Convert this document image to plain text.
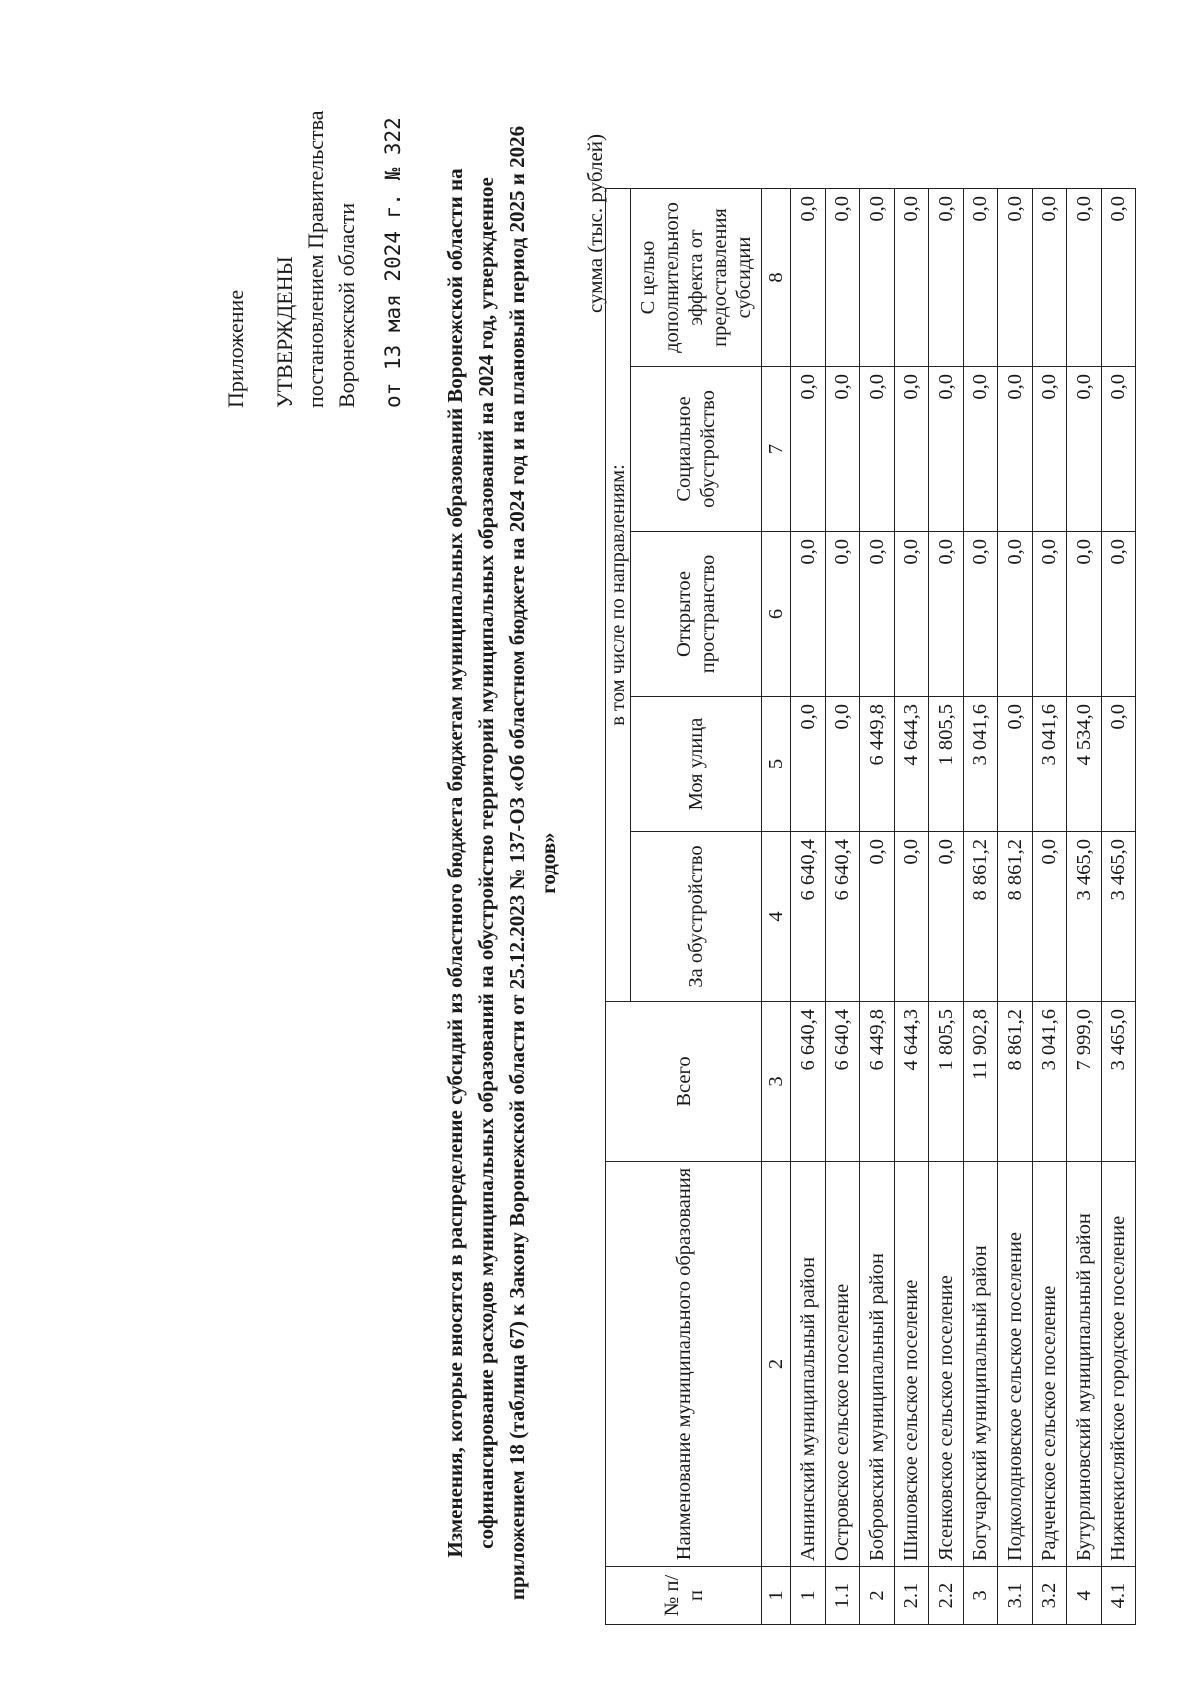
Приложение УТВЕРЖДЕНЫ постановлением Правительства Воронежской области от 13 мая 2024 г. № 322 Изменения, которые вносятся в распределение субсидий из областного бюджета бюджетам муниципальных образований Воронежской области на софинансирование расходов муниципальных образований на обустройство территорий муниципальных образований на 2024 год, утвержденное приложением 18 (таблица 67) к Закону Воронежской области от 25.12.2023 № 137-ОЗ «Об областном бюджете на 2024 год и на плановый период 2025 и 2026 годов»
сумма (тыс. рублей)
№ п/п	Наименование муниципального образования	Всего	в том числе по направлениям:				
			За обустройство	Моя улица	Открытое пространство	Социальное обустройство	С целью дополнительного эффекта от предоставления субсидии
1	2	3	4	5	6	7	8
1	Аннинский муниципальный район	6 640,4	6 640,4	0,0	0,0	0,0	0,0
1.1	Островское сельское поселение	6 640,4	6 640,4	0,0	0,0	0,0	0,0
2	Бобровский муниципальный район	6 449,8	0,0	6 449,8	0,0	0,0	0,0
2.1	Шишовское сельское поселение	4 644,3	0,0	4 644,3	0,0	0,0	0,0
2.2	Ясенковское сельское поселение	1 805,5	0,0	1 805,5	0,0	0,0	0,0
3	Богучарский муниципальный район	11 902,8	8 861,2	3 041,6	0,0	0,0	0,0
3.1	Подколодновское сельское поселение	8 861,2	8 861,2	0,0	0,0	0,0	0,0
3.2	Радченское сельское поселение	3 041,6	0,0	3 041,6	0,0	0,0	0,0
4	Бутурлиновский муниципальный район	7 999,0	3 465,0	4 534,0	0,0	0,0	0,0
4.1	Нижнекисляйское городское поселение	3 465,0	3 465,0	0,0	0,0	0,0	0,0
